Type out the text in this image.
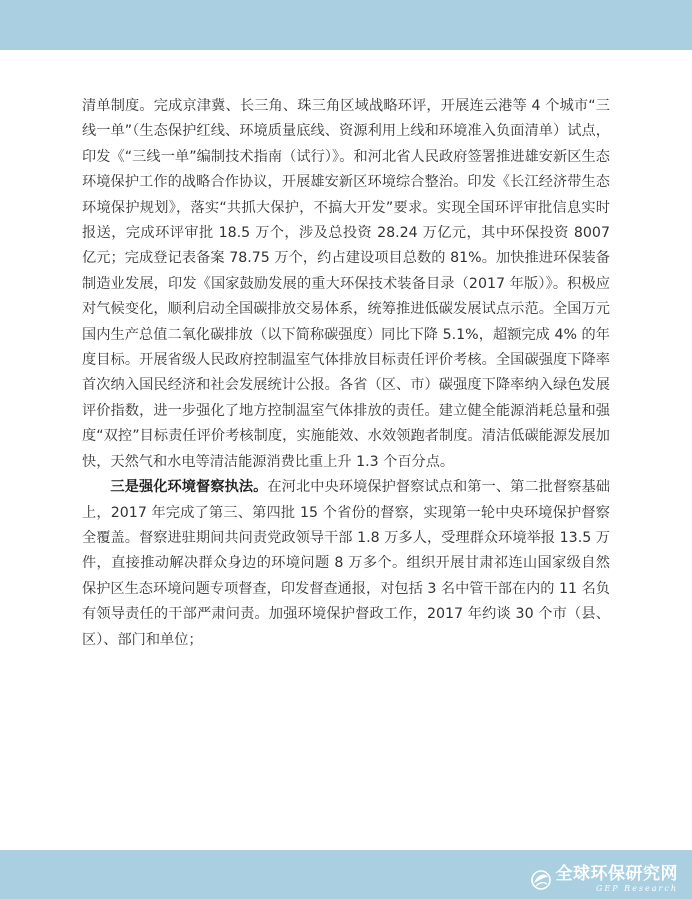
清单制度。完成京津冀、长三角、珠三角区域战略环评，开展连云港等 4 个城市“三线一单”（生态保护红线、环境质量底线、资源利用上线和环境准入负面清单）试点，印发《“三线一单”编制技术指南（试行）》。和河北省人民政府签署推进雄安新区生态环境保护工作的战略合作协议，开展雄安新区环境综合整治。印发《长江经济带生态环境保护规划》，落实“共抓大保护，不搞大开发”要求。实现全国环评审批信息实时报送，完成环评审批 18.5 万个，涉及总投资 28.24 万亿元，其中环保投资 8007 亿元；完成登记表备案 78.75 万个，约占建设项目总数的 81%。加快推进环保装备制造业发展，印发《国家鼓励发展的重大环保技术装备目录（2017 年版）》。积极应对气候变化，顺利启动全国碳排放交易体系，统筹推进低碳发展试点示范。全国万元国内生产总值二氧化碳排放（以下简称碳强度）同比下降 5.1%，超额完成 4% 的年度目标。开展省级人民政府控制温室气体排放目标责任评价考核。全国碳强度下降率首次纳入国民经济和社会发展统计公报。各省（区、市）碳强度下降率纳入绿色发展评价指数，进一步强化了地方控制温室气体排放的责任。建立健全能源消耗总量和强度“双控”目标责任评价考核制度，实施能效、水效领跑者制度。清洁低碳能源发展加快，天然气和水电等清洁能源消费比重上升 1.3 个百分点。

三是强化环境督察执法。在河北中央环境保护督察试点和第一、第二批督察基础上，2017 年完成了第三、第四批 15 个省份的督察，实现第一轮中央环境保护督察全覆盖。督察进驻期间共问责党政领导干部 1.8 万多人，受理群众环境举报 13.5 万件，直接推动解决群众身边的环境问题 8 万多个。组织开展甘肃祁连山国家级自然保护区生态环境问题专项督查，印发督查通报，对包括 3 名中管干部在内的 11 名负有领导责任的干部严肃问责。加强环境保护督政工作，2017 年约谈 30 个市（县、区）、部门和单位；

全球环保研究网
GEP Research
